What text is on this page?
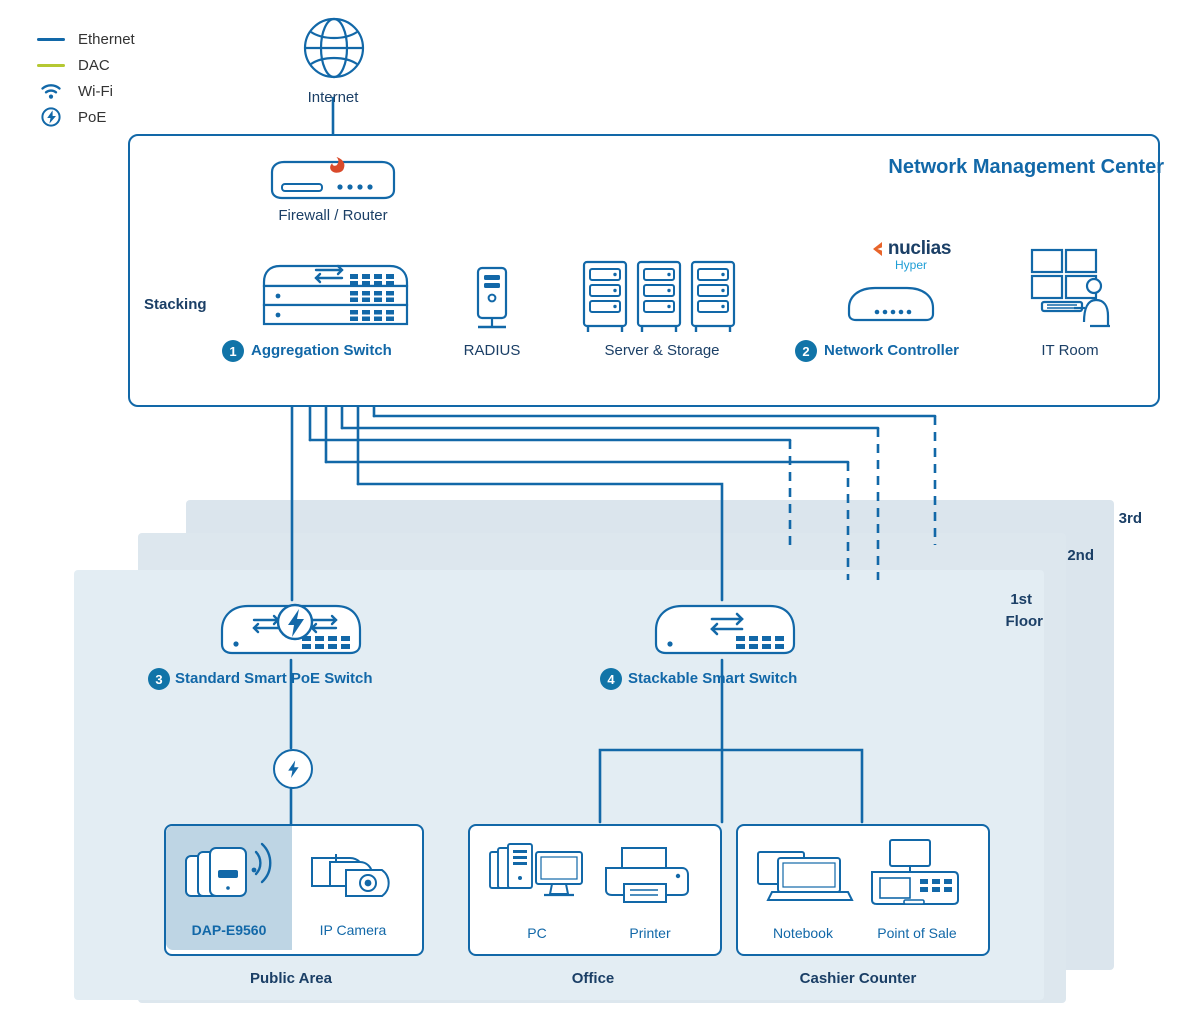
3rd
2nd
1st
Floor
Ethernet
DAC
Wi-Fi
PoE
Internet
Network Management Center
Firewall / Router
Stacking
1 Aggregation Switch	RADIUS	Server & Storage
nuclias
Hyper
2 Network Controller	IT Room
3 Standard Smart PoE Switch	4 Stackable Smart Switch
DAP-E9560	IP Camera
Public Area
PC	Printer
Office
Notebook	Point of Sale
Cashier Counter
